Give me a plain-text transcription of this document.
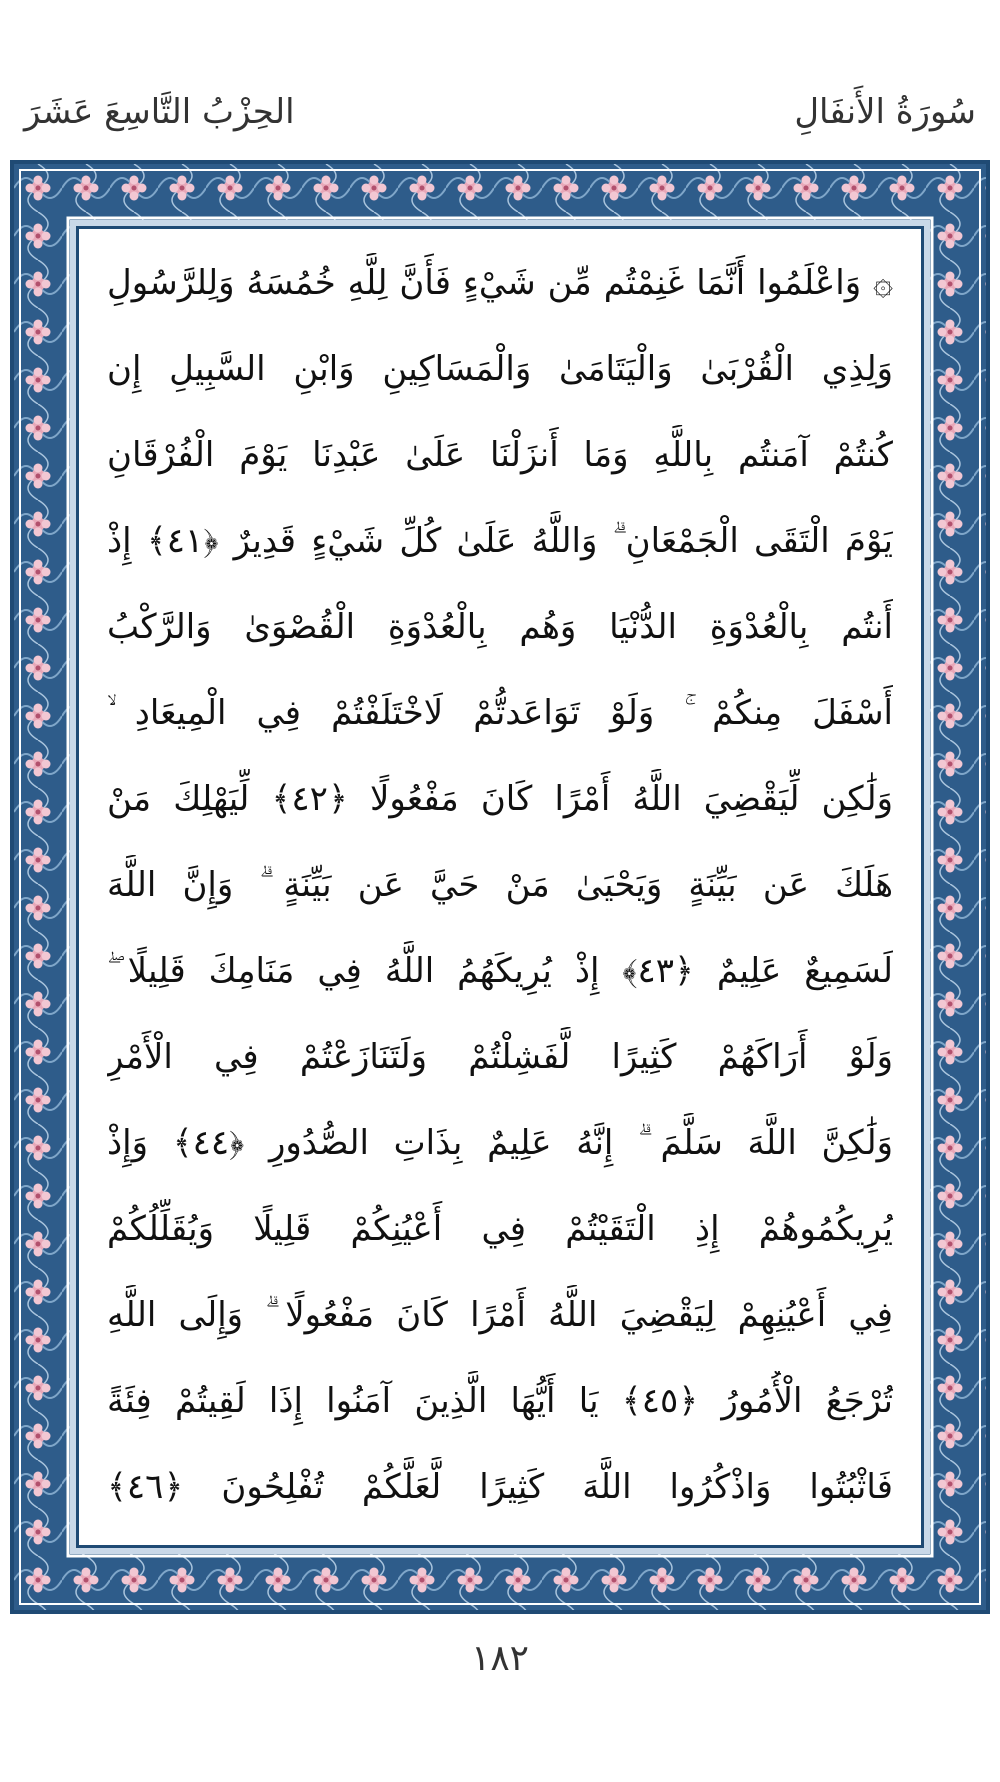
سُورَةُ الأَنفَالِ
الحِزْبُ التَّاسِعَ عَشَرَ
۞ وَاعْلَمُوا أَنَّمَا غَنِمْتُم مِّن شَيْءٍ فَأَنَّ لِلَّهِ خُمُسَهُ وَلِلرَّسُولِ
وَلِذِي الْقُرْبَىٰ وَالْيَتَامَىٰ وَالْمَسَاكِينِ وَابْنِ السَّبِيلِ إِن
كُنتُمْ آمَنتُم بِاللَّهِ وَمَا أَنزَلْنَا عَلَىٰ عَبْدِنَا يَوْمَ الْفُرْقَانِ
يَوْمَ الْتَقَى الْجَمْعَانِ ۗ وَاللَّهُ عَلَىٰ كُلِّ شَيْءٍ قَدِيرٌ ﴿٤١﴾ إِذْ
أَنتُم بِالْعُدْوَةِ الدُّنْيَا وَهُم بِالْعُدْوَةِ الْقُصْوَىٰ وَالرَّكْبُ
أَسْفَلَ مِنكُمْ ۚ وَلَوْ تَوَاعَدتُّمْ لَاخْتَلَفْتُمْ فِي الْمِيعَادِ ۙ
وَلَٰكِن لِّيَقْضِيَ اللَّهُ أَمْرًا كَانَ مَفْعُولًا ﴿٤٢﴾ لِّيَهْلِكَ مَنْ
هَلَكَ عَن بَيِّنَةٍ وَيَحْيَىٰ مَنْ حَيَّ عَن بَيِّنَةٍ ۗ وَإِنَّ اللَّهَ
لَسَمِيعٌ عَلِيمٌ ﴿٤٣﴾ إِذْ يُرِيكَهُمُ اللَّهُ فِي مَنَامِكَ قَلِيلًا ۖ
وَلَوْ أَرَاكَهُمْ كَثِيرًا لَّفَشِلْتُمْ وَلَتَنَازَعْتُمْ فِي الْأَمْرِ
وَلَٰكِنَّ اللَّهَ سَلَّمَ ۗ إِنَّهُ عَلِيمٌ بِذَاتِ الصُّدُورِ ﴿٤٤﴾ وَإِذْ
يُرِيكُمُوهُمْ إِذِ الْتَقَيْتُمْ فِي أَعْيُنِكُمْ قَلِيلًا وَيُقَلِّلُكُمْ
فِي أَعْيُنِهِمْ لِيَقْضِيَ اللَّهُ أَمْرًا كَانَ مَفْعُولًا ۗ وَإِلَى اللَّهِ
تُرْجَعُ الْأُمُورُ ﴿٤٥﴾ يَا أَيُّهَا الَّذِينَ آمَنُوا إِذَا لَقِيتُمْ فِئَةً
فَاثْبُتُوا وَاذْكُرُوا اللَّهَ كَثِيرًا لَّعَلَّكُمْ تُفْلِحُونَ ﴿٤٦﴾
١٨٢
